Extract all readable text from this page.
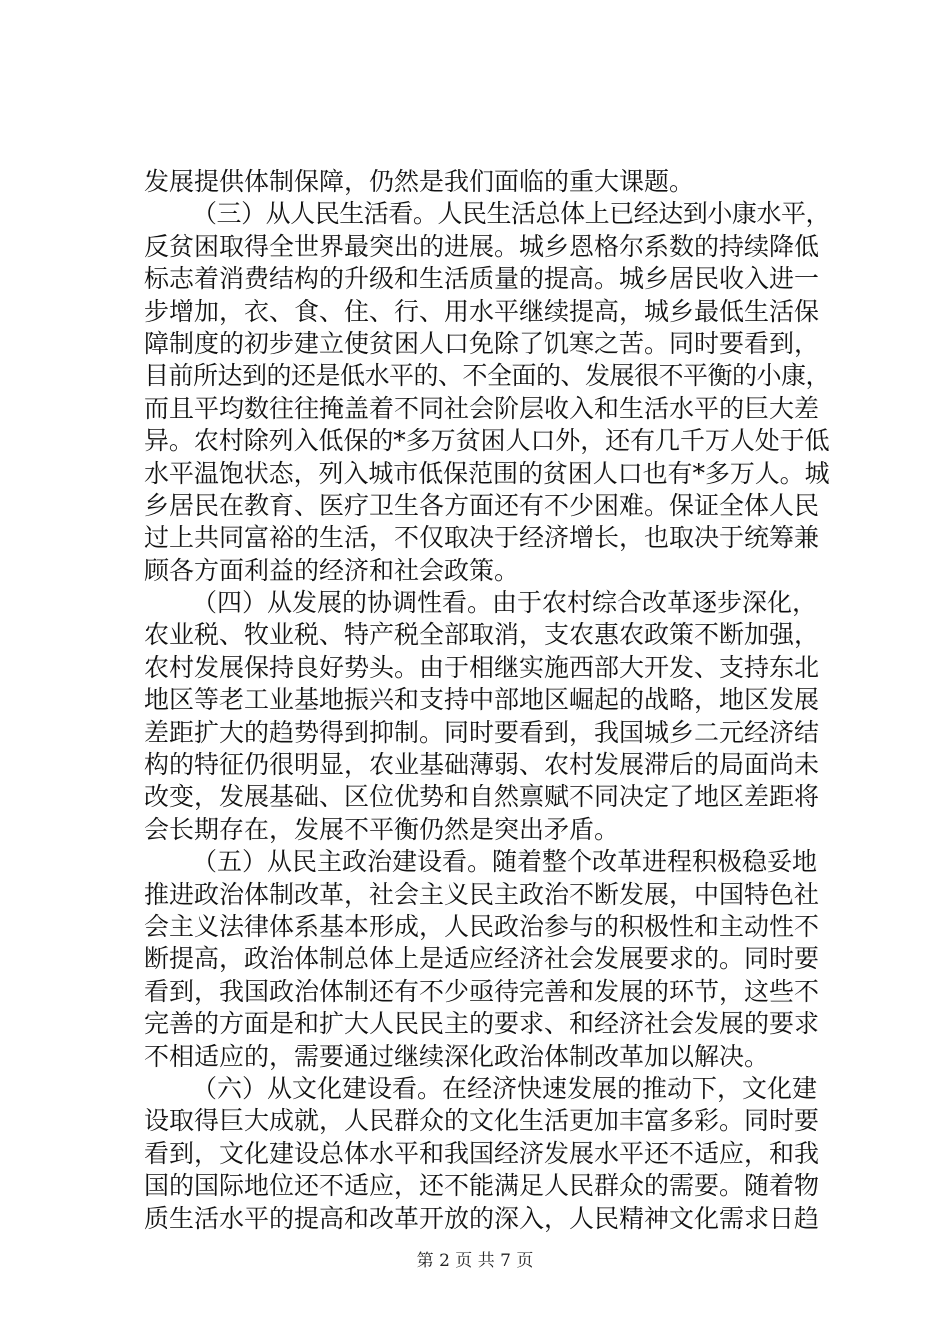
发展提供体制保障，仍然是我们面临的重大课题。
（三）从人民生活看。人民生活总体上已经达到小康水平，
反贫困取得全世界最突出的进展。城乡恩格尔系数的持续降低
标志着消费结构的升级和生活质量的提高。城乡居民收入进一
步增加，衣、食、住、行、用水平继续提高，城乡最低生活保
障制度的初步建立使贫困人口免除了饥寒之苦。同时要看到，
目前所达到的还是低水平的、不全面的、发展很不平衡的小康，
而且平均数往往掩盖着不同社会阶层收入和生活水平的巨大差
异。农村除列入低保的*多万贫困人口外，还有几千万人处于低
水平温饱状态，列入城市低保范围的贫困人口也有*多万人。城
乡居民在教育、医疗卫生各方面还有不少困难。保证全体人民
过上共同富裕的生活，不仅取决于经济增长，也取决于统筹兼
顾各方面利益的经济和社会政策。
（四）从发展的协调性看。由于农村综合改革逐步深化，
农业税、牧业税、特产税全部取消，支农惠农政策不断加强，
农村发展保持良好势头。由于相继实施西部大开发、支持东北
地区等老工业基地振兴和支持中部地区崛起的战略，地区发展
差距扩大的趋势得到抑制。同时要看到，我国城乡二元经济结
构的特征仍很明显，农业基础薄弱、农村发展滞后的局面尚未
改变，发展基础、区位优势和自然禀赋不同决定了地区差距将
会长期存在，发展不平衡仍然是突出矛盾。
（五）从民主政治建设看。随着整个改革进程积极稳妥地
推进政治体制改革，社会主义民主政治不断发展，中国特色社
会主义法律体系基本形成，人民政治参与的积极性和主动性不
断提高，政治体制总体上是适应经济社会发展要求的。同时要
看到，我国政治体制还有不少亟待完善和发展的环节，这些不
完善的方面是和扩大人民民主的要求、和经济社会发展的要求
不相适应的，需要通过继续深化政治体制改革加以解决。
（六）从文化建设看。在经济快速发展的推动下，文化建
设取得巨大成就，人民群众的文化生活更加丰富多彩。同时要
看到，文化建设总体水平和我国经济发展水平还不适应，和我
国的国际地位还不适应，还不能满足人民群众的需要。随着物
质生活水平的提高和改革开放的深入，人民精神文化需求日趋
第 2 页 共 7 页
